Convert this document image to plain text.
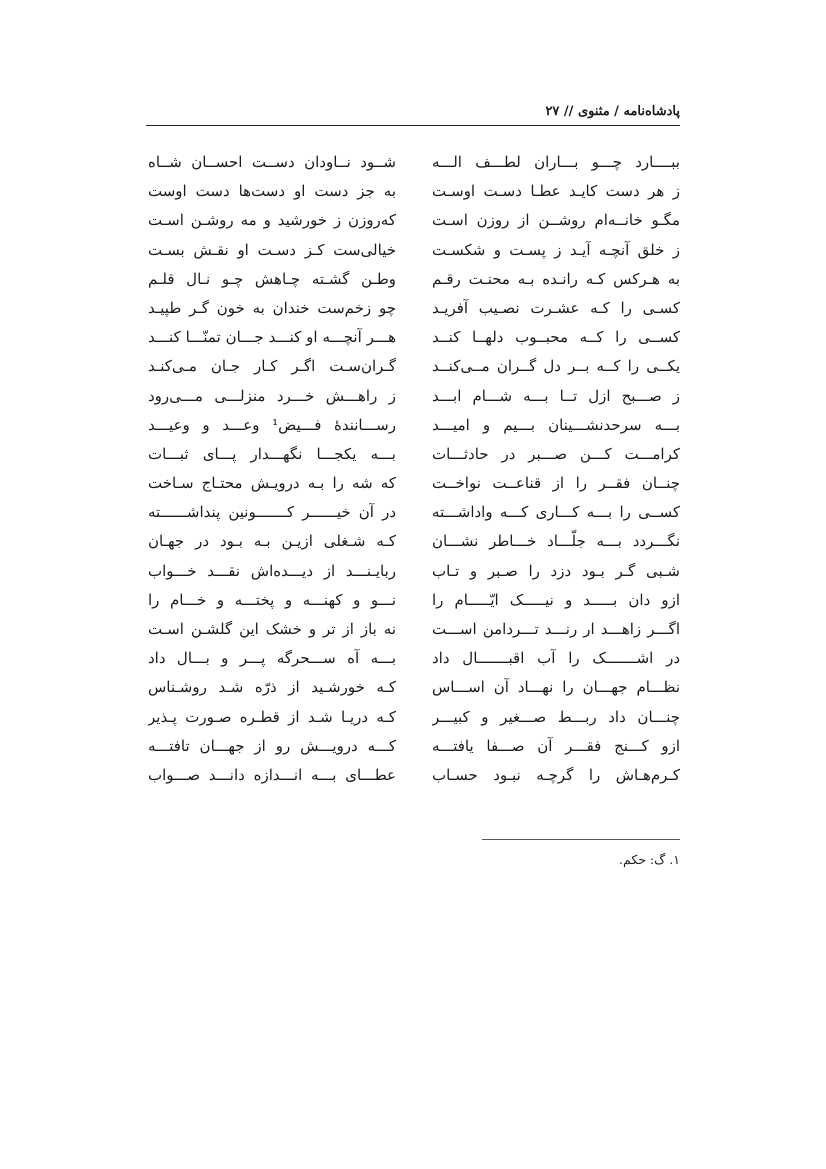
پادشاه‌نامه / مثنوی // ۲۷
ببــــارد چـــو بـــاران لطـــف الـــه
ز هر دست کایـد عطـا دسـت اوسـت
مگـو خانــه‌ام روشــن از روزن اسـت
ز خلق آنچـه آیـد ز پسـت و شکسـت
به هـرکس کـه رانـده بـه محنـت رقـم
کسـی را کـه عشـرت نصـیب آفریـد
کســی را کــه محبــوب دلهــا کنــد
یکــی را کــه بــر دل گــران مــی‌کنــد
ز صـــبح ازل تــا بـــه شـــام ابـــد
بـــه سرحدنشـــینان بـــیم و امیـــد
کرامـــت کـــن صـــبر در حادثـــات
چنــان فقــر را از قناعــت نواخــت
کســی را بـــه کـــاری کـــه واداشـــته
نگـــردد بـــه جلّـــاد خـــاطر نشـــان
شـبی گـر بـود دزد را صـبر و تـاب
ازو دان بـــــد و نیـــــک ایّـــــام را
اگـــر زاهـــد ار رنـــد تـــردامن اســـت
در اشـــــــک را آب اقبـــــــال داد
نظـــام جهـــان را نهـــاد آن اســـاس
چنـــان داد ربـــط صـــغیر و کبیـــر
ازو کـــنج فقـــر آن صـــفا یافتـــه
کـرم‌هـاش را گرچـه نبـود حسـاب
شــود نــاودان دســت احســان شــاه
به جز دست او دست‌ها دست اوست
که‌روزن ز خورشید و مه روشـن اسـت
خیالی‌ست کـز دسـت او نقـش بسـت
وطـن گشـته چـاهش چـو نـال قلـم
چو زخم‌ست خندان به خون گـر طپیـد
هـــر آنچـــه او کنـــد جـــان تمنّـــا کنـــد
گـران‌سـت اگـر کـار جـان مـی‌کنـد
ز راهـــش خـــرد منزلـــی مـــی‌رود
رســـانندۀ فـــیض¹ وعـــد و وعیـــد
بـــه یکجـــا نگهـــدار پـــای ثبـــات
که شه را بـه درویـش محتـاج سـاخت
در آن خیــــــر کـــــــونین پنداشــــــته
کـه شـغلی ازیـن بـه بـود در جهـان
ربایـنـــد از دیـــده‌اش نقـــد خـــواب
نـــو و کهنـــه و پختـــه و خـــام را
نه باز از تر و خشک این گلشـن اسـت
بـــه آه ســـحرگه پـــر و بـــال داد
کـه خورشـید از ذرّه شـد روشـناس
کـه دریـا شـد از قطـره صـورت پـذیر
کـــه درویـــش رو از جهـــان تافتـــه
عطـــای بـــه انـــدازه دانـــد صـــواب
۱. گ: حکم.
